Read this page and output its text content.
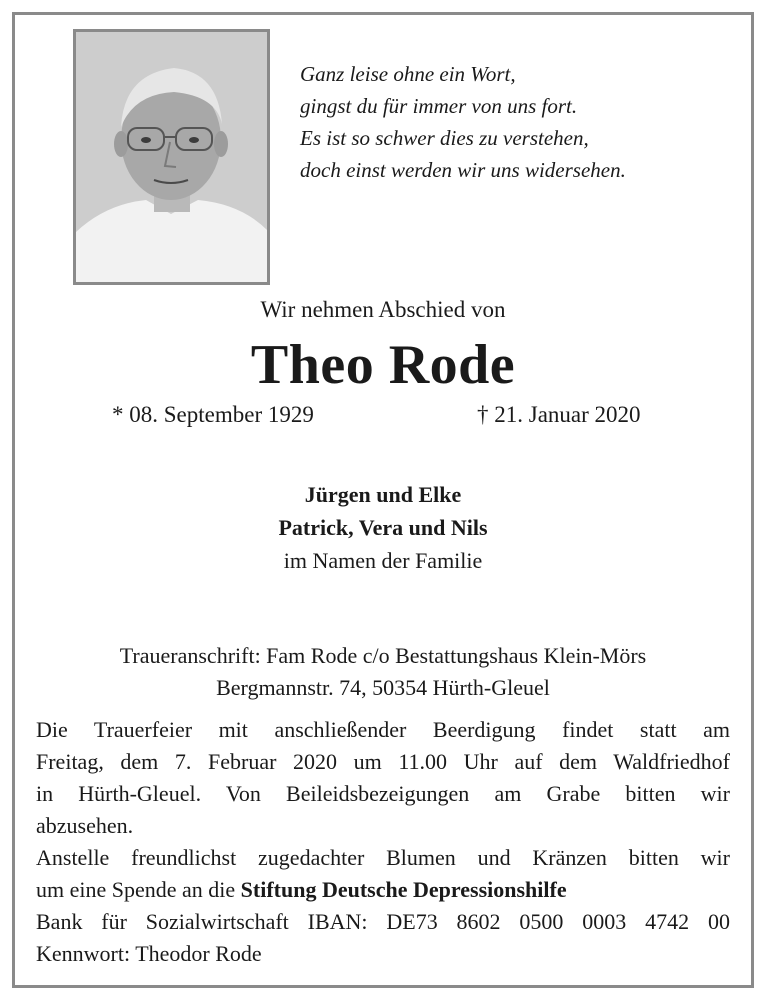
Ganz leise ohne ein Wort,
gingst du für immer von uns fort.
Es ist so schwer dies zu verstehen,
doch einst werden wir uns widersehen.
Wir nehmen Abschied von
Theo Rode
* 08. September 1929	† 21. Januar 2020
Jürgen und Elke
Patrick, Vera und Nils
im Namen der Familie
Traueranschrift: Fam Rode c/o Bestattungshaus Klein-Mörs
Bergmannstr. 74, 50354 Hürth-Gleuel
Die Trauerfeier mit anschließender Beerdigung findet statt am
Freitag, dem 7. Februar 2020 um 11.00 Uhr auf dem Waldfriedhof
in Hürth-Gleuel. Von Beileidsbezeigungen am Grabe bitten wir
abzusehen.
Anstelle freundlichst zugedachter Blumen und Kränzen bitten wir
um eine Spende an die Stiftung Deutsche Depressionshilfe
Bank für Sozialwirtschaft IBAN: DE73 8602 0500 0003 4742 00
Kennwort: Theodor Rode
